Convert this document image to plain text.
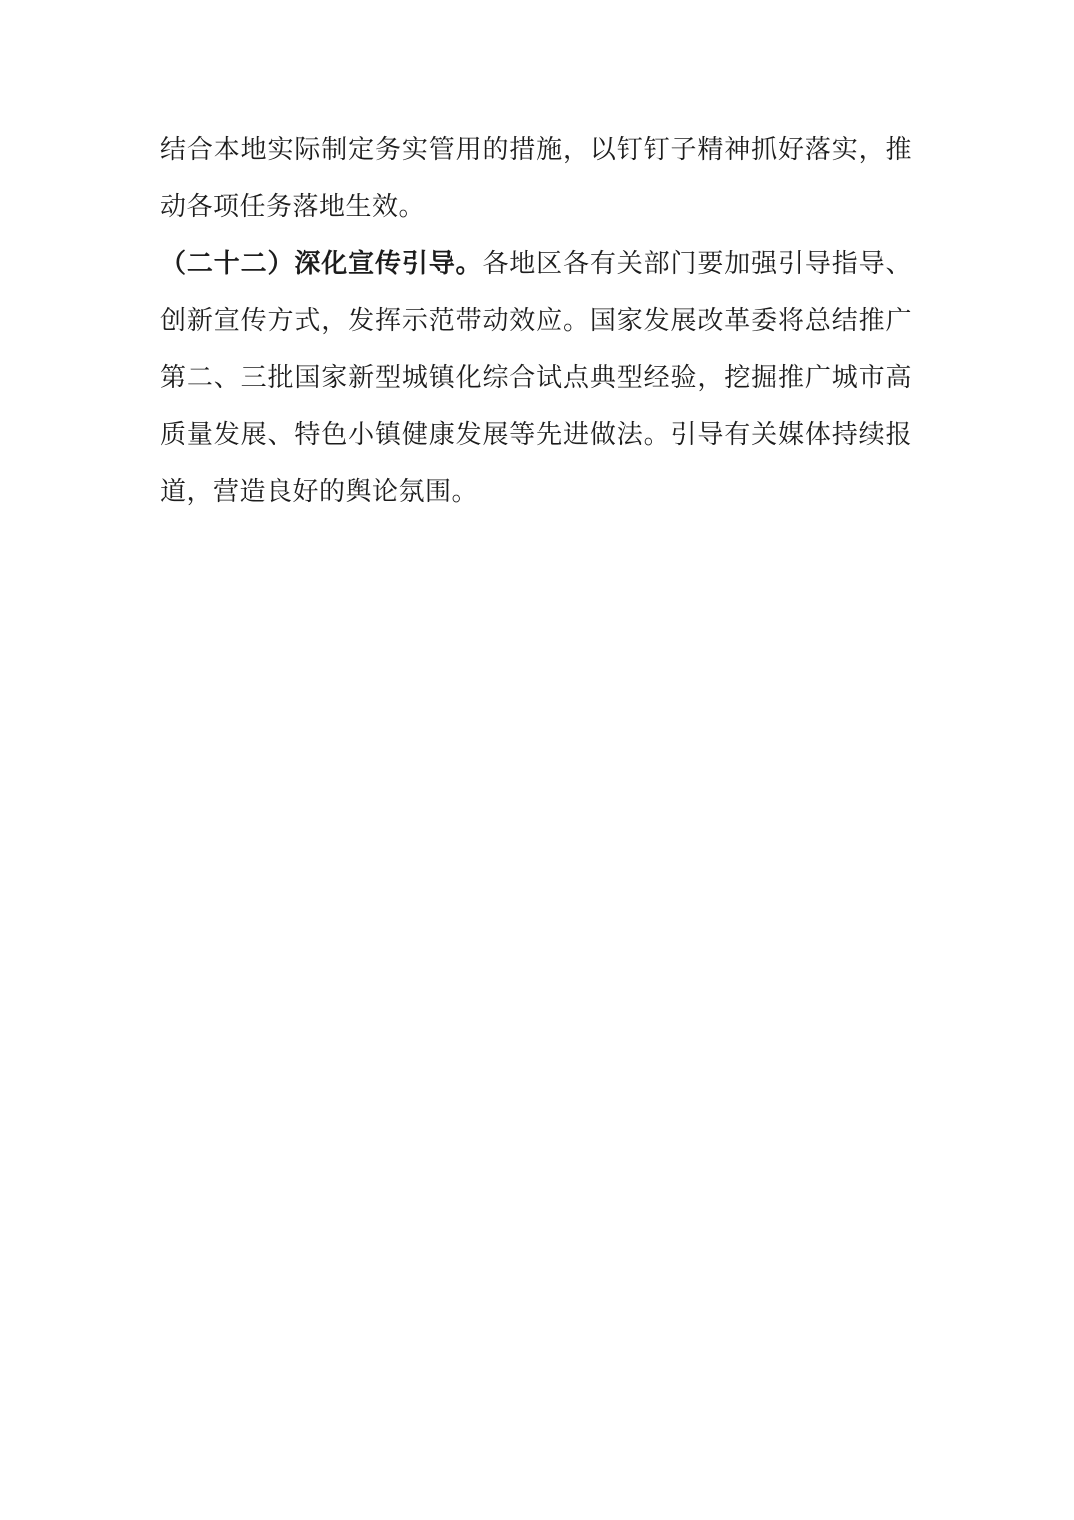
结合本地实际制定务实管用的措施，以钉钉子精神抓好落实，推动各项任务落地生效。

（二十二）深化宣传引导。各地区各有关部门要加强引导指导、创新宣传方式，发挥示范带动效应。国家发展改革委将总结推广第二、三批国家新型城镇化综合试点典型经验，挖掘推广城市高质量发展、特色小镇健康发展等先进做法。引导有关媒体持续报道，营造良好的舆论氛围。
